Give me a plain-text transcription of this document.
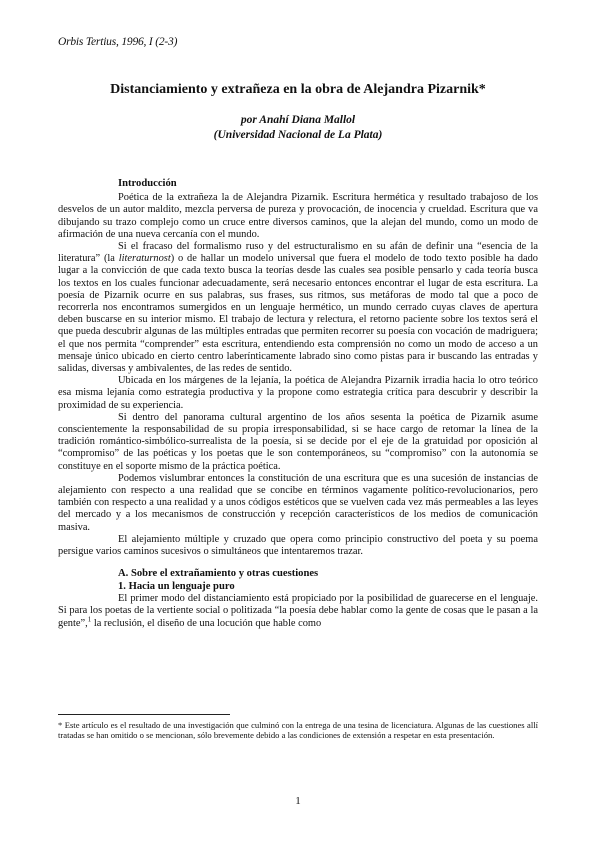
Orbis Tertius, 1996, I (2-3)
Distanciamiento y extrañeza en la obra de Alejandra Pizarnik*
por Anahí Diana Mallol
(Universidad Nacional de La Plata)
Introducción

Poética de la extrañeza la de Alejandra Pizarnik. Escritura hermética y resultado trabajoso de los desvelos de un autor maldito, mezcla perversa de pureza y provocación, de inocencia y crueldad. Escritura que va dibujando su trazo complejo como un cruce entre diversos caminos, que la alejan del mundo, como un modo de afirmación de una nueva cercanía con el mundo.

Si el fracaso del formalismo ruso y del estructuralismo en su afán de definir una “esencia de la literatura” (la literaturnost) o de hallar un modelo universal que fuera el modelo de todo texto posible ha dado lugar a la convicción de que cada texto busca la teorías desde las cuales sea posible pensarlo y cada teoría busca los textos en los cuales funcionar adecuadamente, será necesario entonces encontrar el lugar de esta escritura. La poesía de Pizarnik ocurre en sus palabras, sus frases, sus ritmos, sus metáforas de modo tal que a poco de recorrerla nos encontramos sumergidos en un lenguaje hermético, un mundo cerrado cuyas claves de apertura deben buscarse en su interior mismo. El trabajo de lectura y relectura, el retorno paciente sobre los textos será el que pueda descubrir algunas de las múltiples entradas que permiten recorrer su poesía con vocación de madriguera; el que nos permita “comprender” esta escritura, entendiendo esta comprensión no como un modo de acceso a un mensaje único ubicado en cierto centro laberínticamente labrado sino como pistas para ir buscando las entradas y salidas, diversas y ambivalentes, de las redes de sentido.

Ubicada en los márgenes de la lejanía, la poética de Alejandra Pizarnik irradia hacia lo otro teórico esa misma lejanía como estrategia productiva y la propone como estrategia crítica para descubrir y describir la proximidad de su experiencia.

Si dentro del panorama cultural argentino de los años sesenta la poética de Pizarnik asume conscientemente la responsabilidad de su propia irresponsabilidad, si se hace cargo de retomar la línea de la tradición romántico-simbólico-surrealista de la poesía, si se decide por el eje de la gratuidad por oposición al “compromiso” de las poéticas y los poetas que le son contemporáneos, su “compromiso” con la autonomía se constituye en el soporte mismo de la práctica poética.

Podemos vislumbrar entonces la constitución de una escritura que es una sucesión de instancias de alejamiento con respecto a una realidad que se concibe en términos vagamente político-revolucionarios, pero también con respecto a una realidad y a unos códigos estéticos que se vuelven cada vez más permeables a las leyes del mercado y a los mecanismos de construcción y recepción característicos de los medios de comunicación masiva.

El alejamiento múltiple y cruzado que opera como principio constructivo del poeta y su poema persigue varios caminos sucesivos o simultáneos que intentaremos trazar.

A. Sobre el extrañamiento y otras cuestiones
1. Hacia un lenguaje puro

El primer modo del distanciamiento está propiciado por la posibilidad de guarecerse en el lenguaje. Si para los poetas de la vertiente social o politizada “la poesía debe hablar como la gente de cosas que le pasan a la gente”,$^1$ la reclusión, el diseño de una locución que hable como

* Este artículo es el resultado de una investigación que culminó con la entrega de una tesina de licenciatura. Algunas de las cuestiones allí tratadas se han omitido o se mencionan, sólo brevemente debido a las condiciones de extensión a respetar en esta presentación.
1
